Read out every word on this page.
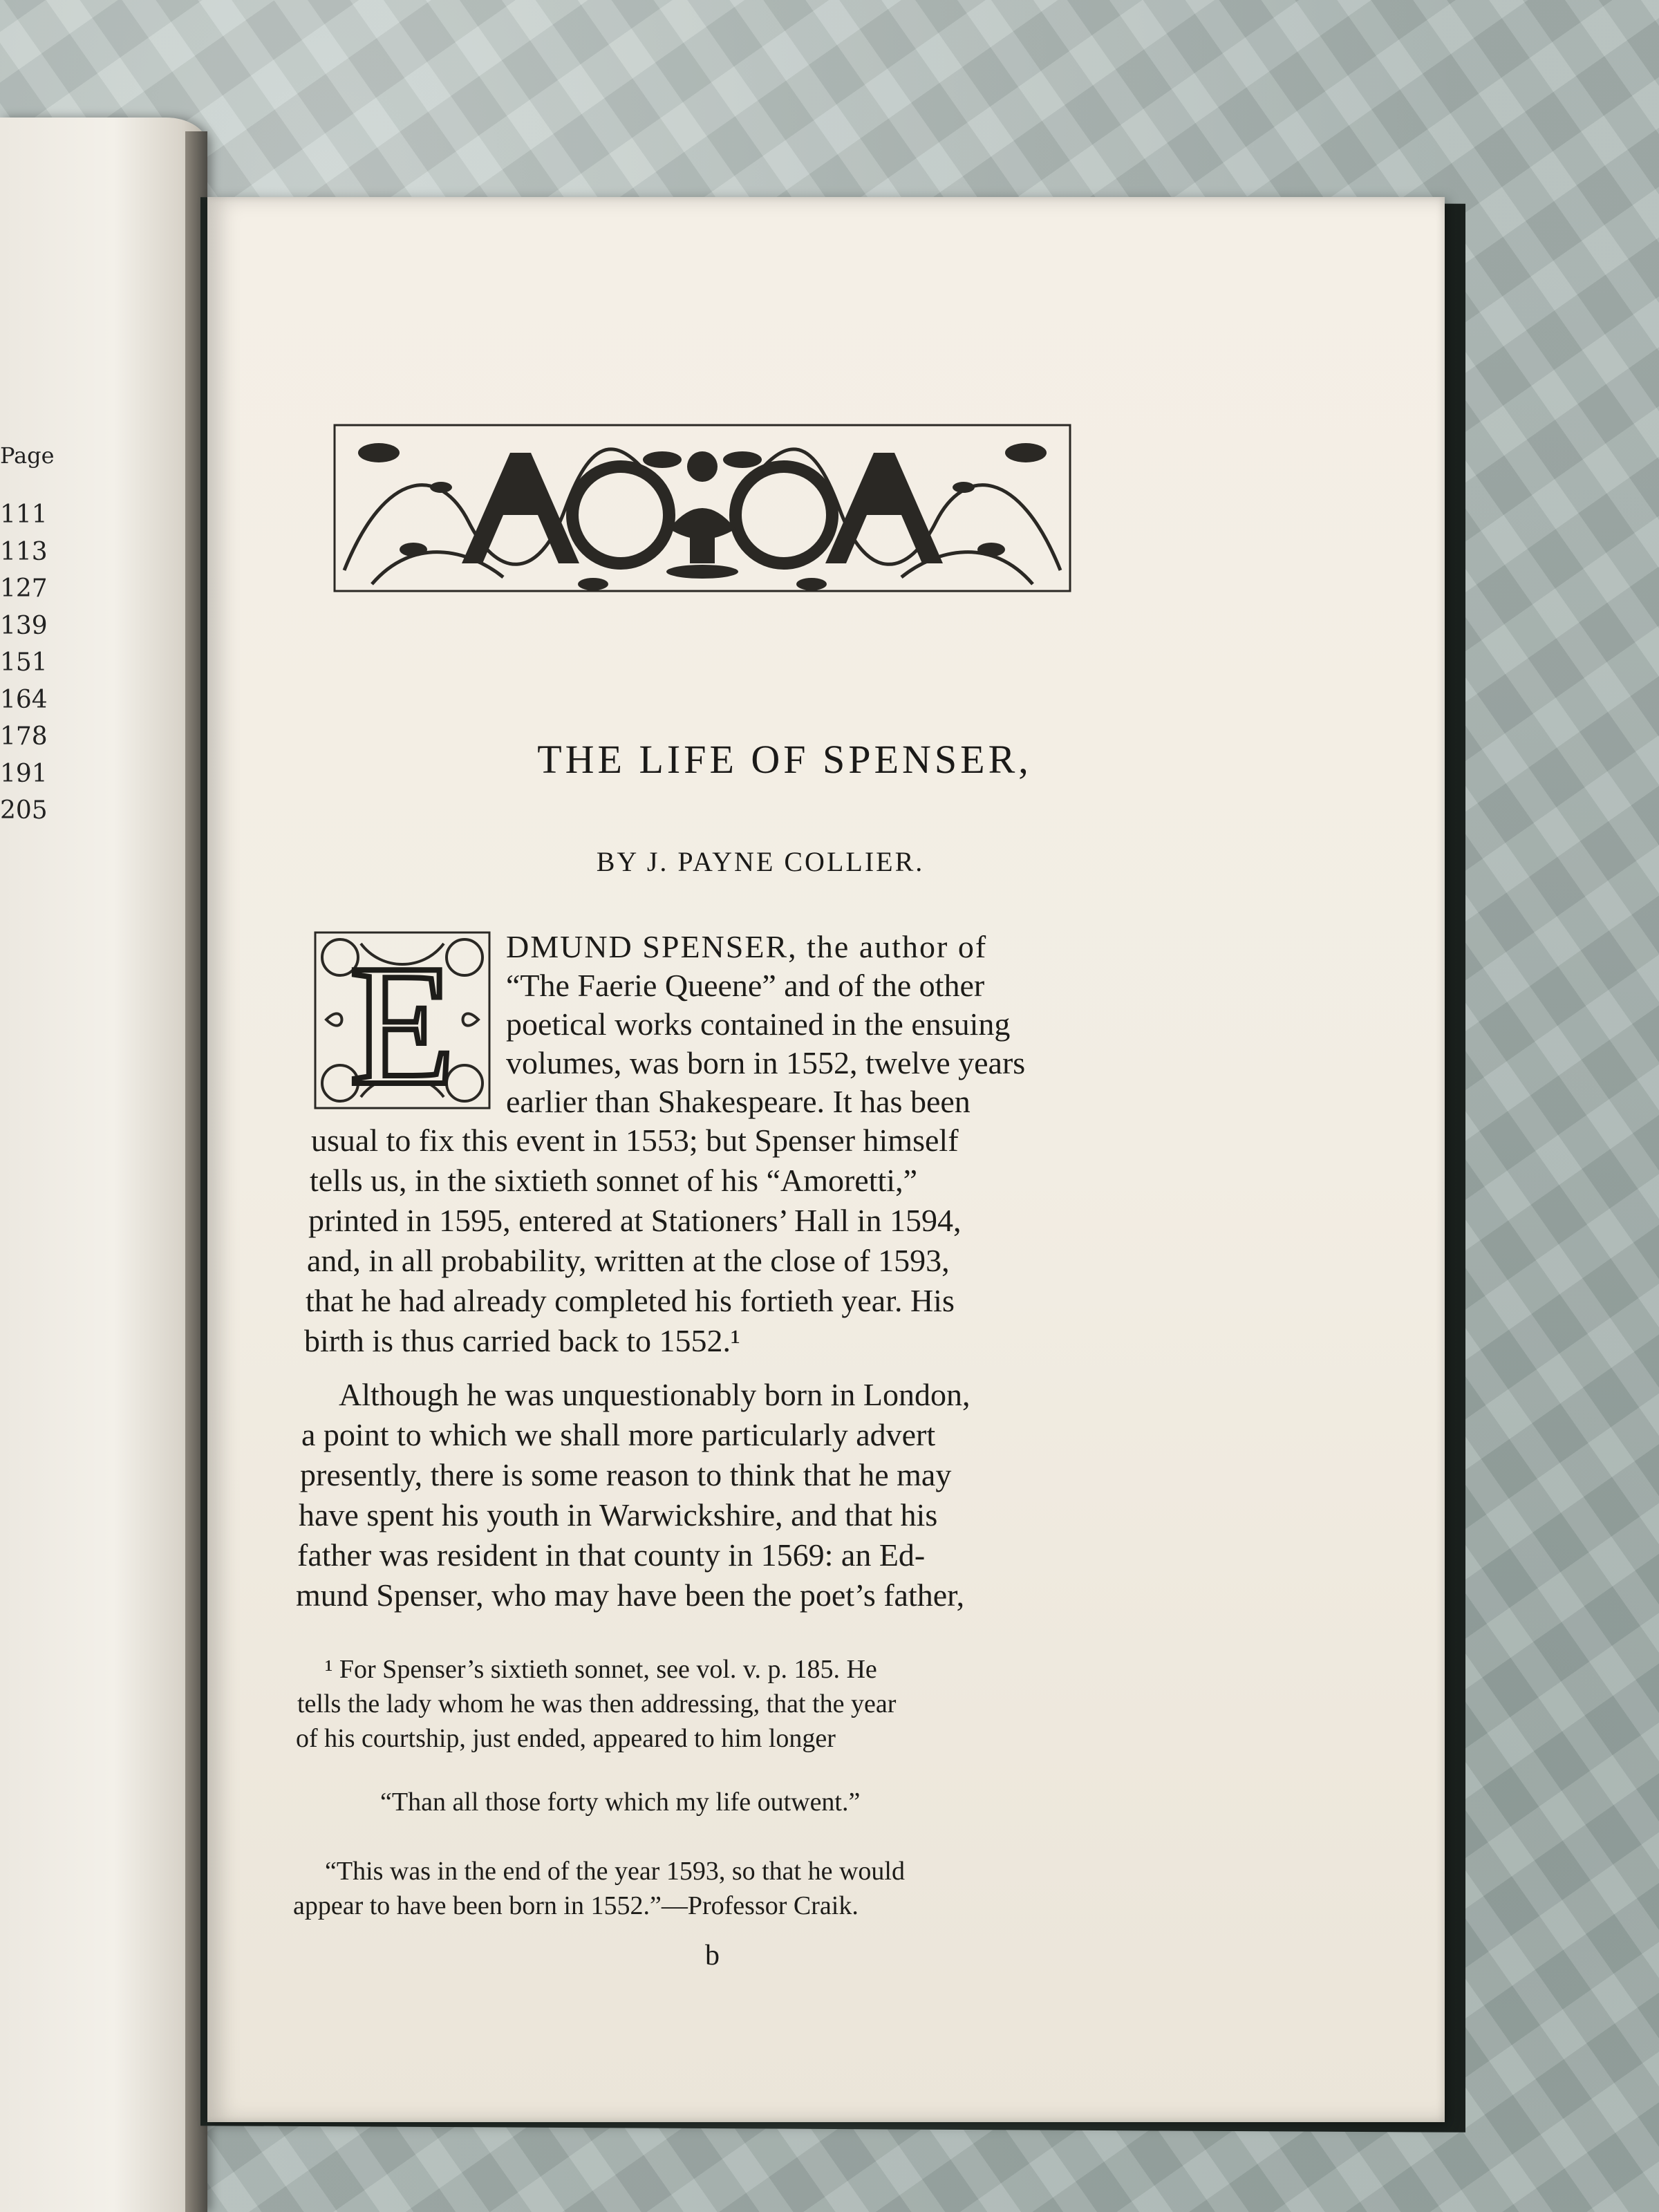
Page
111
113
127
139
151
164
178
191
205
THE LIFE OF SPENSER,
BY J. PAYNE COLLIER.
E DMUND SPENSER, the author of
“The Faerie Queene” and of the other
poetical works contained in the ensuing
volumes, was born in 1552, twelve years
earlier than Shakespeare. It has been
usual to fix this event in 1553; but Spenser himself
tells us, in the sixtieth sonnet of his “Amoretti,”
printed in 1595, entered at Stationers’ Hall in 1594,
and, in all probability, written at the close of 1593,
that he had already completed his fortieth year. His
birth is thus carried back to 1552.¹
Although he was unquestionably born in London,
a point to which we shall more particularly advert
presently, there is some reason to think that he may
have spent his youth in Warwickshire, and that his
father was resident in that county in 1569: an Ed-
mund Spenser, who may have been the poet’s father,
¹ For Spenser’s sixtieth sonnet, see vol. v. p. 185. He
tells the lady whom he was then addressing, that the year
of his courtship, just ended, appeared to him longer
“Than all those forty which my life outwent.”
“This was in the end of the year 1593, so that he would
appear to have been born in 1552.”—Professor Craik.
b
